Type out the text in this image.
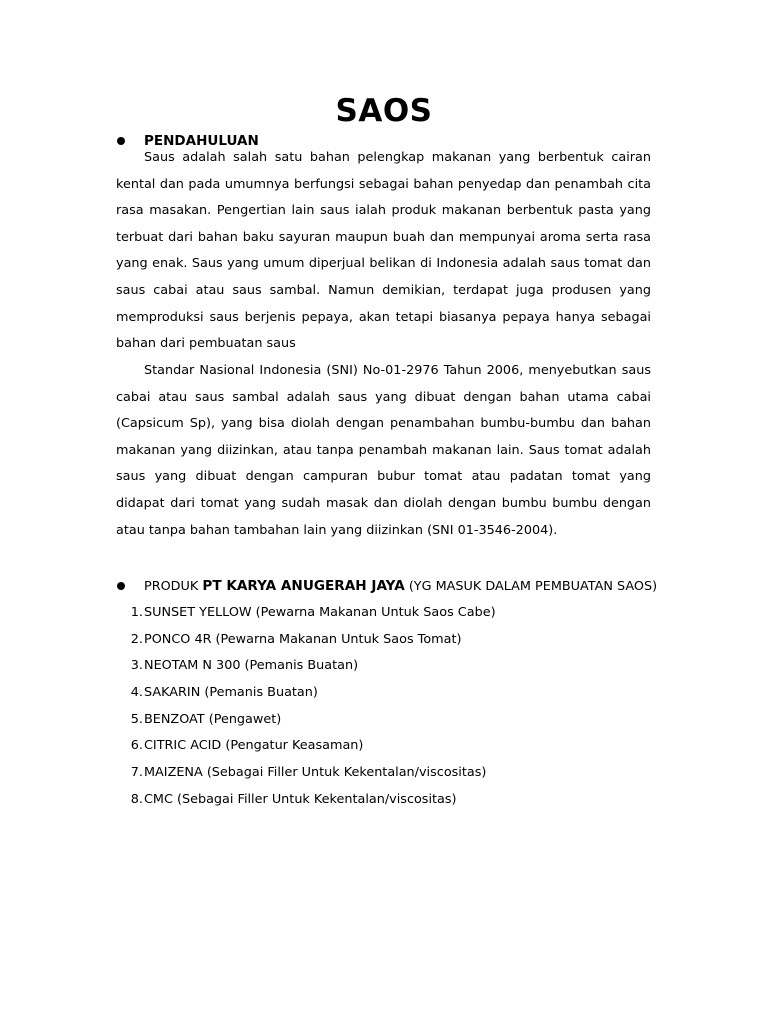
SAOS
PENDAHULUAN

Saus adalah salah satu bahan pelengkap makanan yang berbentuk cairan kental dan pada umumnya berfungsi sebagai bahan penyedap dan penambah cita rasa masakan. Pengertian lain saus ialah produk makanan berbentuk pasta yang terbuat dari bahan baku sayuran maupun buah dan mempunyai aroma serta rasa yang enak. Saus yang umum diperjual belikan di Indonesia adalah saus tomat dan saus cabai atau saus sambal. Namun demikian, terdapat juga produsen yang memproduksi saus berjenis pepaya, akan tetapi biasanya pepaya hanya sebagai bahan dari pembuatan saus

Standar Nasional Indonesia (SNI) No-01-2976 Tahun 2006, menyebutkan saus cabai atau saus sambal adalah saus yang dibuat dengan bahan utama cabai (Capsicum Sp), yang bisa diolah dengan penambahan bumbu-bumbu dan bahan makanan yang diizinkan, atau tanpa penambah makanan lain. Saus tomat adalah saus yang dibuat dengan campuran bubur tomat atau padatan tomat yang didapat dari tomat yang sudah masak dan diolah dengan bumbu bumbu dengan atau tanpa bahan tambahan lain yang diizinkan (SNI 01-3546-2004).

PRODUK PT KARYA ANUGERAH JAYA (YG MASUK DALAM PEMBUATAN SAOS)
1. SUNSET YELLOW (Pewarna Makanan Untuk Saos Cabe)
2. PONCO 4R (Pewarna Makanan Untuk Saos Tomat)
3. NEOTAM N 300 (Pemanis Buatan)
4. SAKARIN (Pemanis Buatan)
5. BENZOAT (Pengawet)
6. CITRIC ACID (Pengatur Keasaman)
7. MAIZENA (Sebagai Filler Untuk Kekentalan/viscositas)
8. CMC (Sebagai Filler Untuk Kekentalan/viscositas)
